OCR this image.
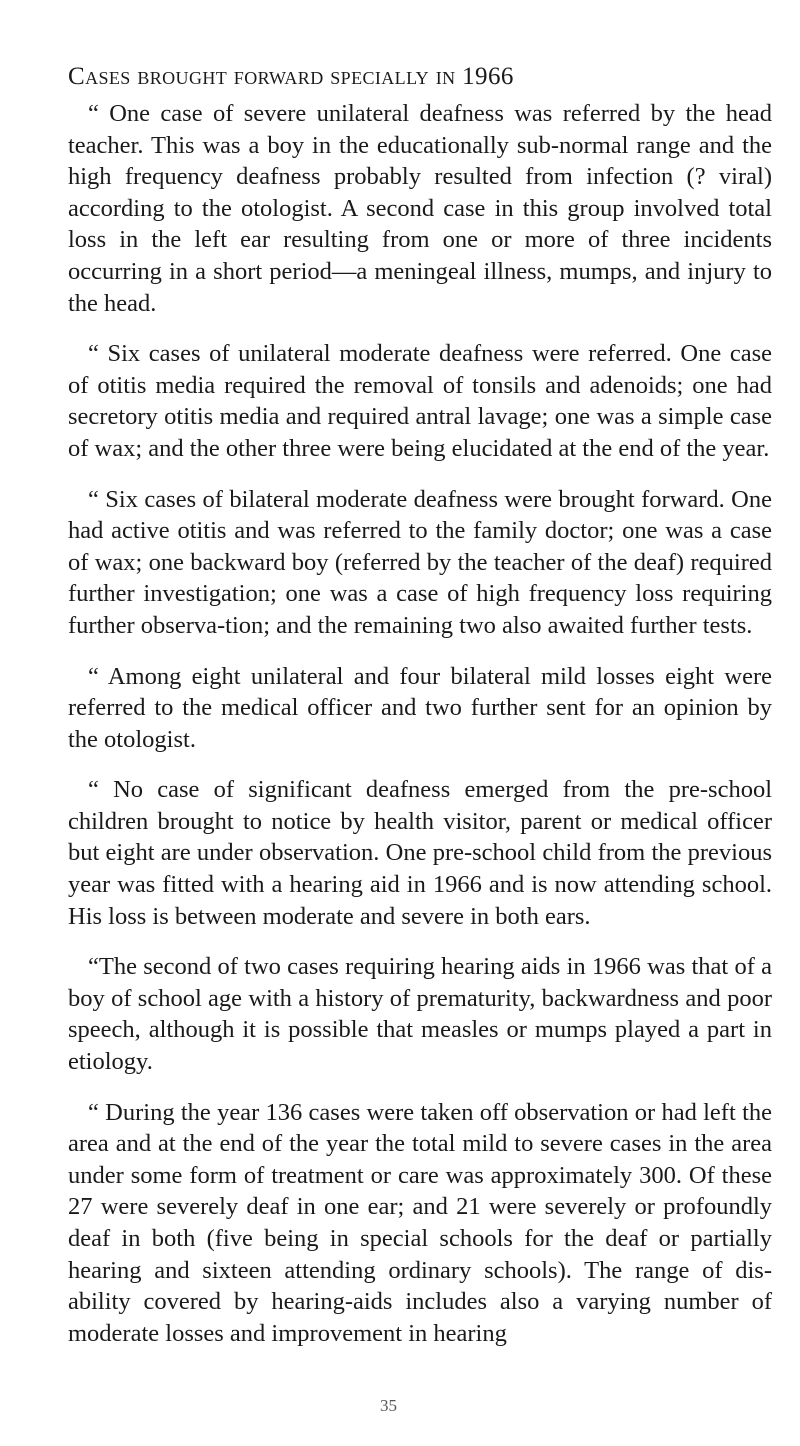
Cases brought forward specially in 1966

“ One case of severe unilateral deafness was referred by the head teacher. This was a boy in the educationally sub-normal range and the high frequency deafness probably resulted from infection (? viral) according to the otologist. A second case in this group involved total loss in the left ear resulting from one or more of three incidents occurring in a short period—a meningeal illness, mumps, and injury to the head.

“ Six cases of unilateral moderate deafness were referred. One case of otitis media required the removal of tonsils and adenoids; one had secretory otitis media and required antral lavage; one was a simple case of wax; and the other three were being elucidated at the end of the year.

“ Six cases of bilateral moderate deafness were brought forward. One had active otitis and was referred to the family doctor; one was a case of wax; one backward boy (referred by the teacher of the deaf) required further investigation; one was a case of high frequency loss requiring further observa-tion; and the remaining two also awaited further tests.

“ Among eight unilateral and four bilateral mild losses eight were referred to the medical officer and two further sent for an opinion by the otologist.

“ No case of significant deafness emerged from the pre-school children brought to notice by health visitor, parent or medical officer but eight are under observation. One pre-school child from the previous year was fitted with a hearing aid in 1966 and is now attending school. His loss is between moderate and severe in both ears.

“The second of two cases requiring hearing aids in 1966 was that of a boy of school age with a history of prematurity, backwardness and poor speech, although it is possible that measles or mumps played a part in etiology.

“ During the year 136 cases were taken off observation or had left the area and at the end of the year the total mild to severe cases in the area under some form of treatment or care was approximately 300. Of these 27 were severely deaf in one ear; and 21 were severely or profoundly deaf in both (five being in special schools for the deaf or partially hearing and sixteen attending ordinary schools). The range of dis-ability covered by hearing-aids includes also a varying number of moderate losses and improvement in hearing

35
